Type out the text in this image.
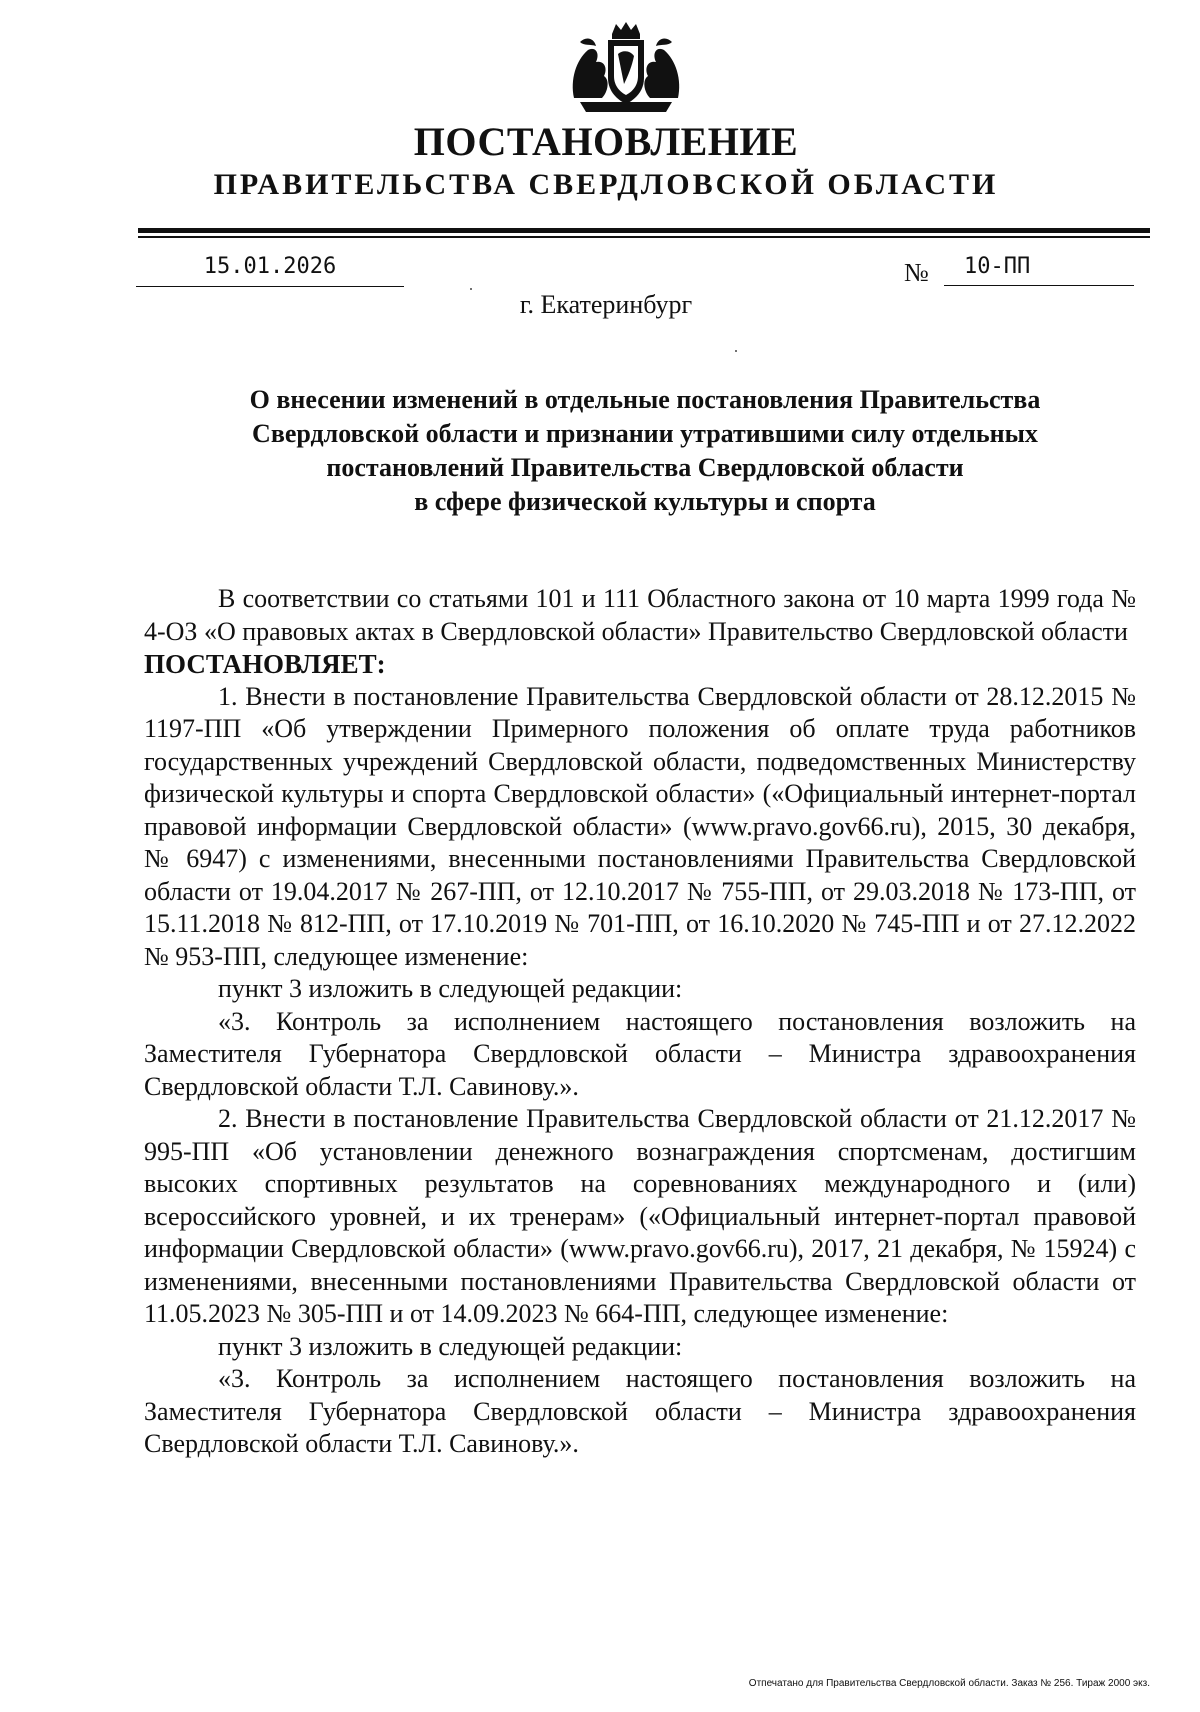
ПОСТАНОВЛЕНИЕ
ПРАВИТЕЛЬСТВА СВЕРДЛОВСКОЙ ОБЛАСТИ
15.01.2026	№	10-ПП
г. Екатеринбург
О внесении изменений в отдельные постановления Правительства
Свердловской области и признании утратившими силу отдельных
постановлений Правительства Свердловской области
в сфере физической культуры и спорта

В соответствии со статьями 101 и 111 Областного закона от 10 марта 1999 года № 4-ОЗ «О правовых актах в Свердловской области» Правительство Свердловской области

ПОСТАНОВЛЯЕТ:

1. Внести в постановление Правительства Свердловской области от 28.12.2015 № 1197-ПП «Об утверждении Примерного положения об оплате труда работников государственных учреждений Свердловской области, подведомственных Министерству физической культуры и спорта Свердловской области» («Официальный интернет-портал правовой информации Свердловской области» (www.pravo.gov66.ru), 2015, 30 декабря, № 6947) с изменениями, внесенными постановлениями Правительства Свердловской области от 19.04.2017 № 267-ПП, от 12.10.2017 № 755-ПП, от 29.03.2018 № 173-ПП, от 15.11.2018 № 812-ПП, от 17.10.2019 № 701-ПП, от 16.10.2020 № 745-ПП и от 27.12.2022 № 953-ПП, следующее изменение:

пункт 3 изложить в следующей редакции:

«3. Контроль за исполнением настоящего постановления возложить на Заместителя Губернатора Свердловской области – Министра здравоохранения Свердловской области Т.Л. Савинову.».

2. Внести в постановление Правительства Свердловской области от 21.12.2017 № 995-ПП «Об установлении денежного вознаграждения спортсменам, достигшим высоких спортивных результатов на соревнованиях международного и (или) всероссийского уровней, и их тренерам» («Официальный интернет-портал правовой информации Свердловской области» (www.pravo.gov66.ru), 2017, 21 декабря, № 15924) с изменениями, внесенными постановлениями Правительства Свердловской области от 11.05.2023 № 305-ПП и от 14.09.2023 № 664-ПП, следующее изменение:

пункт 3 изложить в следующей редакции:

«3. Контроль за исполнением настоящего постановления возложить на Заместителя Губернатора Свердловской области – Министра здравоохранения Свердловской области Т.Л. Савинову.».

Отпечатано для Правительства Свердловской области. Заказ № 256. Тираж 2000 экз.
